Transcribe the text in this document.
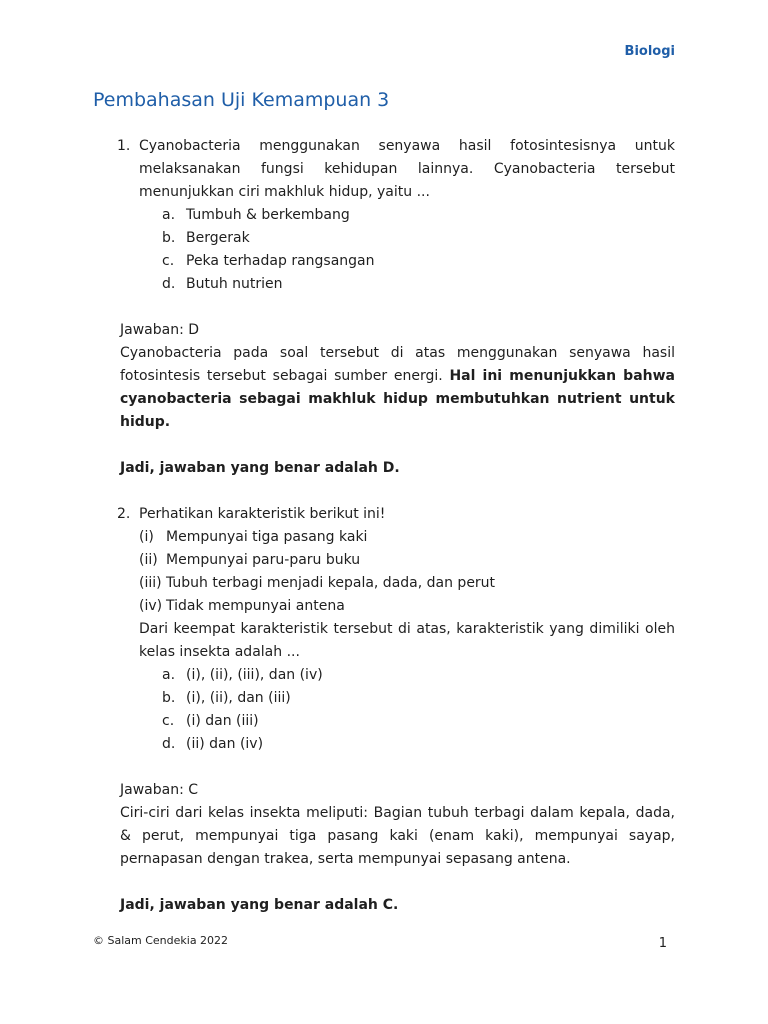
Biologi
Pembahasan Uji Kemampuan 3
1. Cyanobacteria menggunakan senyawa hasil fotosintesisnya untuk melaksanakan fungsi kehidupan lainnya. Cyanobacteria tersebut menunjukkan ciri makhluk hidup, yaitu ...

a. Tumbuh & berkembang
b. Bergerak
c. Peka terhadap rangsangan
d. Butuh nutrien

Jawaban: D

Cyanobacteria pada soal tersebut di atas menggunakan senyawa hasil fotosintesis tersebut sebagai sumber energi. Hal ini menunjukkan bahwa cyanobacteria sebagai makhluk hidup membutuhkan nutrient untuk hidup.

Jadi, jawaban yang benar adalah D.

2. Perhatikan karakteristik berikut ini!

(i) Mempunyai tiga pasang kaki
(ii) Mempunyai paru-paru buku
(iii) Tubuh terbagi menjadi kepala, dada, dan perut
(iv) Tidak mempunyai antena

Dari keempat karakteristik tersebut di atas, karakteristik yang dimiliki oleh kelas insekta adalah ...

a. (i), (ii), (iii), dan (iv)
b. (i), (ii), dan (iii)
c. (i) dan (iii)
d. (ii) dan (iv)

Jawaban: C

Ciri-ciri dari kelas insekta meliputi: Bagian tubuh terbagi dalam kepala, dada, & perut, mempunyai tiga pasang kaki (enam kaki), mempunyai sayap, pernapasan dengan trakea, serta mempunyai sepasang antena.

Jadi, jawaban yang benar adalah C.

© Salam Cendekia 2022	1
